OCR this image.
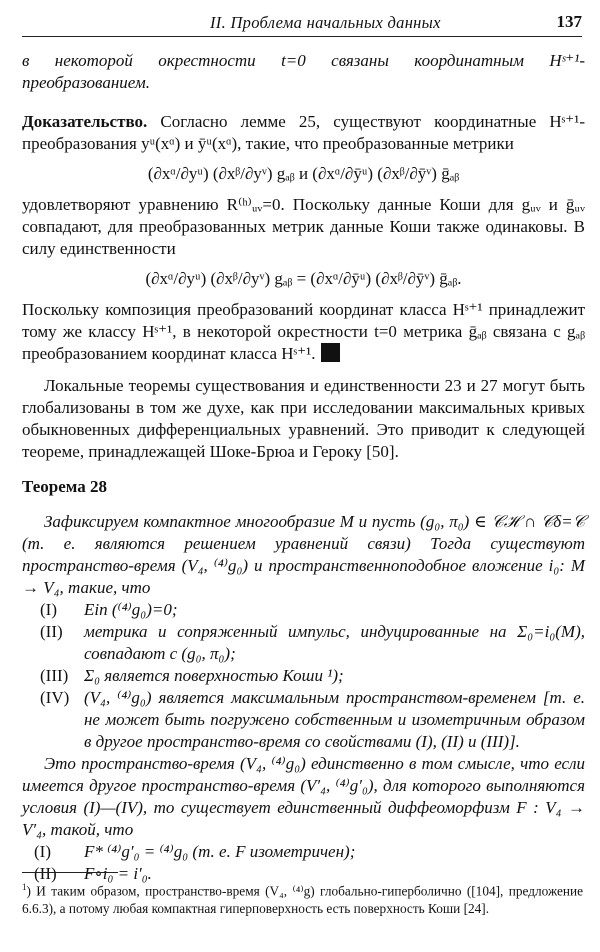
II. Проблема начальных данных	137

в некоторой окрестности t=0 связаны координатным Hˢ⁺¹-преобразованием.

Доказательство. Согласно лемме 25, существуют координатные Hˢ⁺¹-преобразования yᵘ(xᵅ) и ȳᵘ(xᵅ), такие, что преобразованные метрики

(∂xᵅ/∂yᵘ) (∂xᵝ/∂yᵛ) gₐᵦ и (∂xᵅ/∂ȳᵘ) (∂xᵝ/∂ȳᵛ) ḡₐᵦ

удовлетворяют уравнению R⁽ʰ⁾ᵤᵥ=0. Поскольку данные Коши для gᵤᵥ и ḡᵤᵥ совпадают, для преобразованных метрик данные Коши также одинаковы. В силу единственности

(∂xᵅ/∂yᵘ) (∂xᵝ/∂yᵛ) gₐᵦ = (∂xᵅ/∂ȳᵘ) (∂xᵝ/∂ȳᵛ) ḡₐᵦ.

Поскольку композиция преобразований координат класса Hˢ⁺¹ принадлежит тому же классу Hˢ⁺¹, в некоторой окрестности t=0 метрика ḡₐᵦ связана с gₐᵦ преобразованием координат класса Hˢ⁺¹.

Локальные теоремы существования и единственности 23 и 27 могут быть глобализованы в том же духе, как при исследовании максимальных кривых обыкновенных дифференциальных уравнений. Это приводит к следующей теореме, принадлежащей Шоке-Брюа и Героку [50].

Теорема 28

Зафиксируем компактное многообразие M и пусть (g₀, π₀) ∈ 𝒞ℋ ∩ 𝒞δ=𝒞 (т. е. являются решением уравнений связи) Тогда существуют пространство-время (V₄, ⁽⁴⁾g₀) и пространственноподобное вложение i₀: M → V₄, такие, что

(I) Ein (⁽⁴⁾g₀)=0;
(II) метрика и сопряженный импульс, индуцированные на Σ₀=i₀(M), совпадают с (g₀, π₀);
(III) Σ₀ является поверхностью Коши ¹);
(IV) (V₄, ⁽⁴⁾g₀) является максимальным пространством-временем [т. е. не может быть погружено собственным и изометричным образом в другое пространство-время со свойствами (I), (II) и (III)].

Это пространство-время (V₄, ⁽⁴⁾g₀) единственно в том смысле, что если имеется другое пространство-время (V′₄, ⁽⁴⁾g′₀), для которого выполняются условия (I)—(IV), то существует единственный диффеоморфизм F : V₄ → V′₄, такой, что

(I) F* ⁽⁴⁾g′₀ = ⁽⁴⁾g₀ (т. е. F изометричен);
(II) F∘i₀ = i′₀.
$^1$) И таким образом, пространство-время (V₄, ⁽⁴⁾g) глобально-гиперболично ([104], предложение 6.6.3), а потому любая компактная гиперповерхность есть поверхность Коши [24].
